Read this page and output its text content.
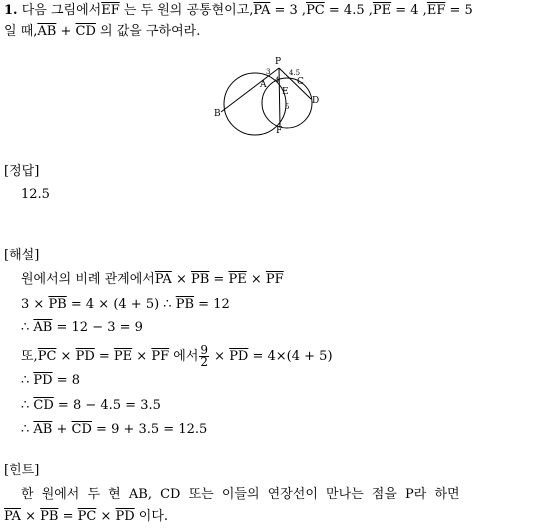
1. 다음 그림에서$\overline{EF}$ 는 두 원의 공통현이고$,\overline{PA} = 3$ $,\overline{PC} = 4.5$ $,\overline{PE} = 4$ $,\overline{EF} = 5$
일 때$,\overline{AB} + \overline{CD}$ 의 값을 구하여라.
P
A
B
C
D
E
F
3	4.5
4
5
[정답]
12.5
[해설]
원에서의 비례 관계에서$\overline{PA} \times \overline{PB} = \overline{PE} \times \overline{PF}$
$3 \times \overline{PB} = 4 \times (4 + 5)$ ∴ $\overline{PB} = 12$
∴ $\overline{AB} = 12 - 3 = 9$
또$,\overline{PC} \times \overline{PD} = \overline{PE} \times \overline{PF}$ 에서 $\frac{9}{2} \times \overline{PD} = 4\times(4 + 5)$
∴ $\overline{PD} = 8$
∴ $\overline{CD} = 8 - 4.5 = 3.5$
∴ $\overline{AB} + \overline{CD} = 9 + 3.5 = 12.5$
[힌트]
한 원에서 두 현 AB, CD 또는 이들의 연장선이 만나는 점을 P라 하면
$\overline{PA} \times \overline{PB} = \overline{PC} \times \overline{PD}$ 이다.
